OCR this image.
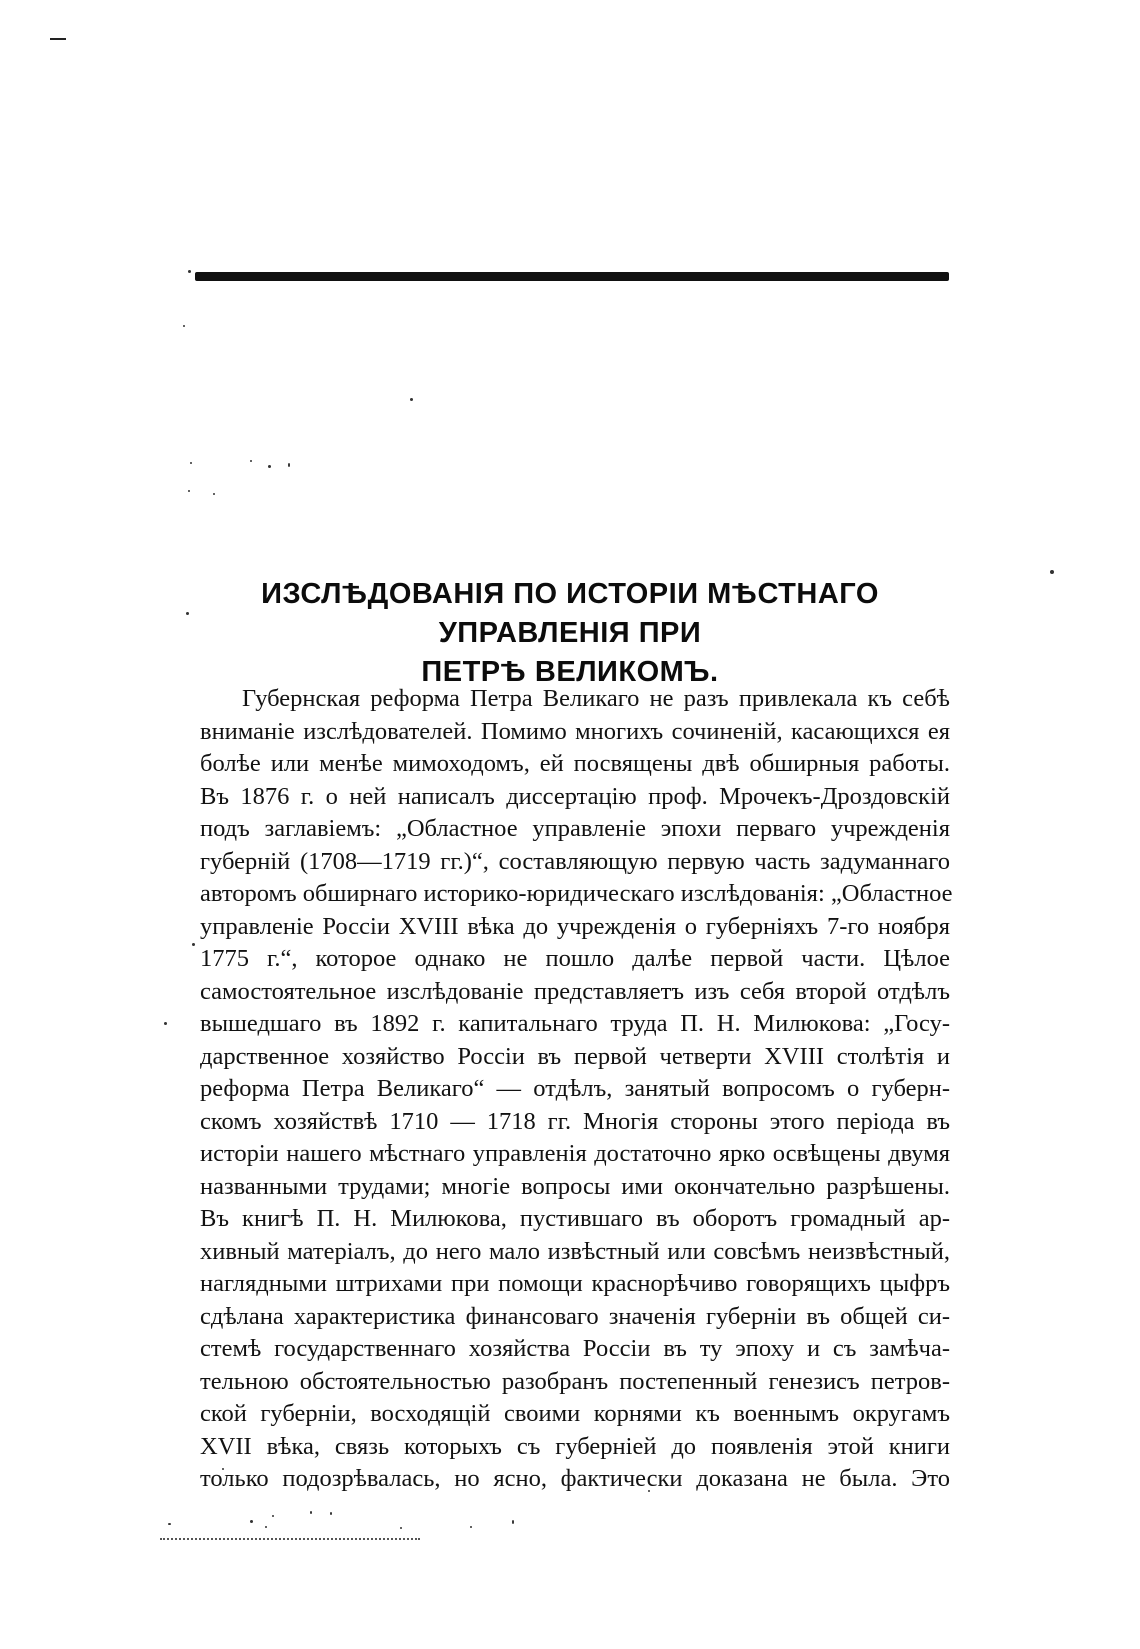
ИЗСЛѢДОВАНІЯ ПО ИСТОРІИ МѢСТНАГО УПРАВЛЕНІЯ ПРИ
ПЕТРѢ ВЕЛИКОМЪ.
Губернская реформа Петра Великаго не разъ привлекала къ себѣ
вниманіе изслѣдователей. Помимо многихъ сочиненій, касающихся ея
болѣе или менѣе мимоходомъ, ей посвящены двѣ обширныя работы.
Въ 1876 г. о ней написалъ диссертацію проф. Мрочекъ-Дроздовскій
подъ заглавіемъ: „Областное управленіе эпохи перваго учрежденія
губерній (1708—1719 гг.)“, составляющую первую часть задуманнаго
авторомъ обширнаго историко-юридическаго изслѣдованія: „Областное
управленіе Россіи XVIII вѣка до учрежденія о губерніяхъ 7-го ноября
1775 г.“, которое однако не пошло далѣе первой части. Цѣлое
самостоятельное изслѣдованіе представляетъ изъ себя второй отдѣлъ
вышедшаго въ 1892 г. капитальнаго труда П. Н. Милюкова: „Госу-
дарственное хозяйство Россіи въ первой четверти XVIII столѣтія и
реформа Петра Великаго“ — отдѣлъ, занятый вопросомъ о губерн-
скомъ хозяйствѣ 1710 — 1718 гг. Многія стороны этого періода въ
исторіи нашего мѣстнаго управленія достаточно ярко освѣщены двумя
названными трудами; многіе вопросы ими окончательно разрѣшены.
Въ книгѣ П. Н. Милюкова, пустившаго въ оборотъ громадный ар-
хивный матеріалъ, до него мало извѣстный или совсѣмъ неизвѣстный,
наглядными штрихами при помощи краснорѣчиво говорящихъ цыфръ
сдѣлана характеристика финансоваго значенія губерніи въ общей си-
стемѣ государственнаго хозяйства Россіи въ ту эпоху и съ замѣча-
тельною обстоятельностью разобранъ постепенный генезисъ петров-
ской губерніи, восходящій своими корнями къ военнымъ округамъ
XVII вѣка, связь которыхъ съ губерніей до появленія этой книги
только подозрѣвалась, но ясно, фактически доказана не была. Это
